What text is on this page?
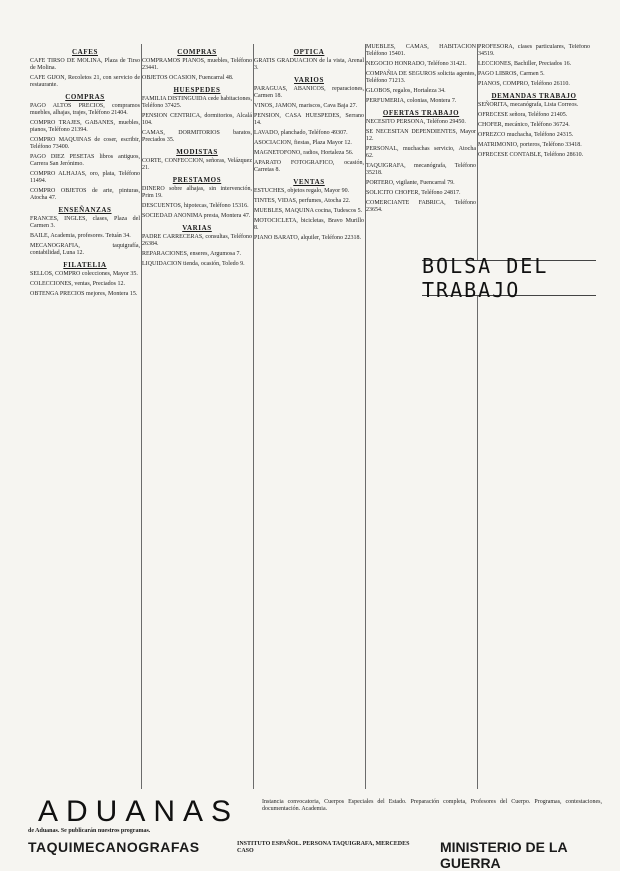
CAFES
CAFE TIRSO DE MOLINA, Plaza de Tirso de Molina.
CAFE GIJON, Recoletos 21, con servicio de restaurante.
COMPRAS
PAGO ALTOS PRECIOS, compramos muebles, alhajas, trajes, Teléfono 21404.
COMPRO TRAJES, GABANES, muebles, pianos, Teléfono 21394.
COMPRO MAQUINAS de coser, escribir, Teléfono 73400.
PAGO DIEZ PESETAS libros antiguos, Carrera San Jerónimo.
COMPRO ALHAJAS, oro, plata, Teléfono 11494.
COMPRO OBJETOS de arte, pinturas, Atocha 47.
ENSEÑANZAS
FRANCES, INGLES, clases, Plaza del Carmen 3.
BAILE, Academia, profesores. Tetuán 34.
MECANOGRAFIA, taquigrafía, contabilidad, Luna 12.
FILATELIA
SELLOS, COMPRO colecciones, Mayor 35.
COLECCIONES, ventas, Preciados 12.
OBTENGA PRECIOS mejores, Montera 15.
COMPRAS
COMPRAMOS PIANOS, muebles, Teléfono 23441.
OBJETOS OCASION, Fuencarral 48.
HUESPEDES
FAMILIA DISTINGUIDA cede habitaciones, Teléfono 37425.
PENSION CENTRICA, dormitorios, Alcalá 104.
CAMAS, DORMITORIOS baratos, Preciados 35.
MODISTAS
CORTE, CONFECCION, señoras, Velázquez 21.
PRESTAMOS
DINERO sobre alhajas, sin intervención, Prim 19.
DESCUENTOS, hipotecas, Teléfono 15316.
SOCIEDAD ANONIMA presta, Montera 47.
VARIAS
PADRE CARRECERAS, consultas, Teléfono 26384.
REPARACIONES, enseres, Argumosa 7.
LIQUIDACION tienda, ocasión, Toledo 9.
OPTICA
GRATIS GRADUACION de la vista, Arenal 3.
VARIOS
PARAGUAS, ABANICOS, reparaciones, Carmen 18.
VINOS, JAMON, mariscos, Cava Baja 27.
PENSION, CASA HUESPEDES, Serrano 14.
LAVADO, planchado, Teléfono 49307.
ASOCIACION, fiestas, Plaza Mayor 12.
MAGNETOFONO, radios, Hortaleza 56.
APARATO FOTOGRAFICO, ocasión, Carretas 8.
VENTAS
ESTUCHES, objetos regalo, Mayor 90.
TINTES, VIDAS, perfumes, Atocha 22.
MUEBLES, MAQUINA cocina, Tudescos 5.
MOTOCICLETA, bicicletas, Bravo Murillo 8.
PIANO BARATO, alquiler, Teléfono 22318.
MUEBLES, CAMAS, HABITACION Teléfono 15401.
NEGOCIO HONRADO, Teléfono 31421.
COMPAÑIA DE SEGUROS solicita agentes, Teléfono 71213.
GLOBOS, regalos, Hortaleza 34.
PERFUMERIA, colonias, Montera 7.
OFERTAS TRABAJO
NECESITO PERSONA, Teléfono 29450.
SE NECESITAN DEPENDIENTES, Mayor 12.
PERSONAL, muchachas servicio, Atocha 62.
TAQUIGRAFA, mecanógrafa, Teléfono 35218.
PORTERO, vigilante, Fuencarral 79.
SOLICITO CHOFER, Teléfono 24817.
COMERCIANTE FABRICA, Teléfono 23654.
PROFESORA, clases particulares, Teléfono 34519.
LECCIONES, Bachiller, Preciados 16.
PAGO LIBROS, Carmen 5.
PIANOS, COMPRO, Teléfono 26110.
DEMANDAS TRABAJO
SEÑORITA, mecanógrafa, Lista Correos.
OFRECESE señora, Teléfono 21405.
CHOFER, mecánico, Teléfono 36724.
OFREZCO muchacha, Teléfono 24315.
MATRIMONIO, porteros, Teléfono 33418.
OFRECESE CONTABLE, Teléfono 28610.
BOLSA DEL TRABAJO
ADUANAS
de Aduanas. Se publicarán nuestros programas.
Instancia convocatoria, Cuerpos Especiales del Estado. Preparación completa, Profesores del Cuerpo. Programas, contestaciones, documentación. Academia.
TAQUIMECANOGRAFAS	INSTITUTO ESPAÑOL. PERSONA TAQUIGRAFA, MERCEDES CASO	MINISTERIO DE LA GUERRA
